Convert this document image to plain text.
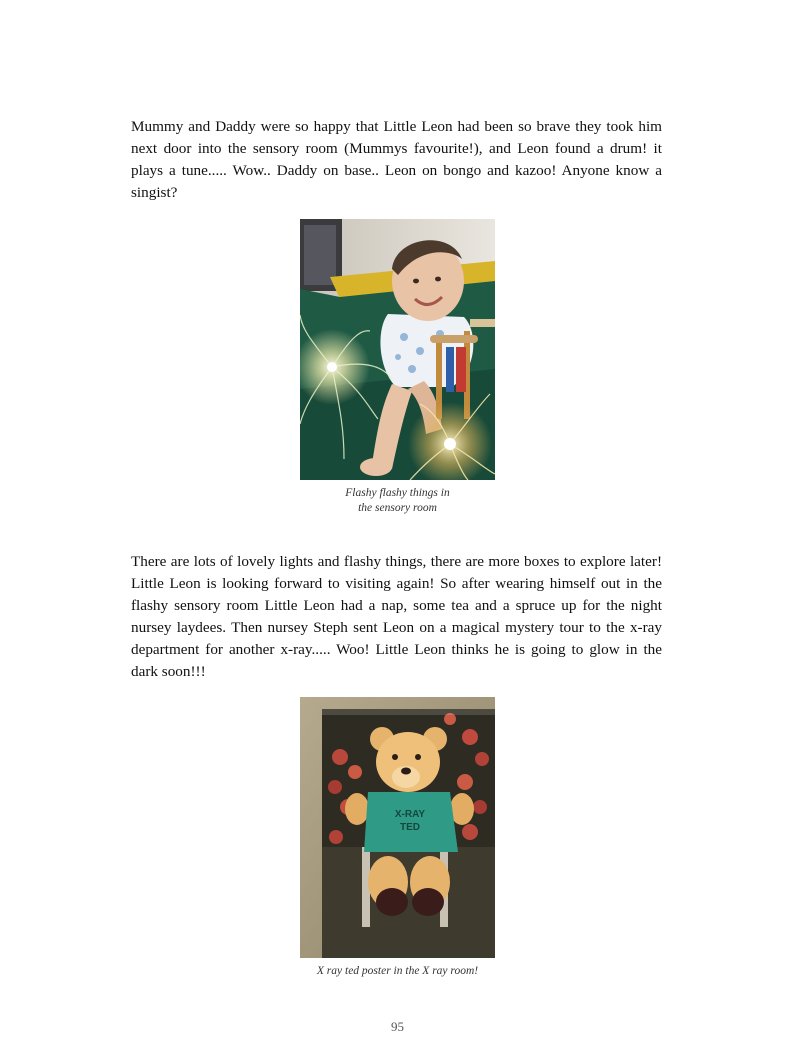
Mummy and Daddy were so happy that Little Leon had been so brave they took him next door into the sensory room (Mummys favourite!), and Leon found a drum! it plays a tune..... Wow.. Daddy on base.. Leon on bongo and kazoo! Anyone know a singist?

Flashy flashy things in
the sensory room

There are lots of lovely lights and flashy things, there are more boxes to explore later! Little Leon is looking forward to visiting again! So after wearing himself out in the flashy sensory room Little Leon had a nap, some tea and a spruce up for the night nursey laydees. Then nursey Steph sent Leon on a magical mystery tour to the x-ray department for another x-ray..... Woo! Little Leon thinks he is going to glow in the dark soon!!!

X-RAY
TED
X ray ted poster in the X ray room!
95
